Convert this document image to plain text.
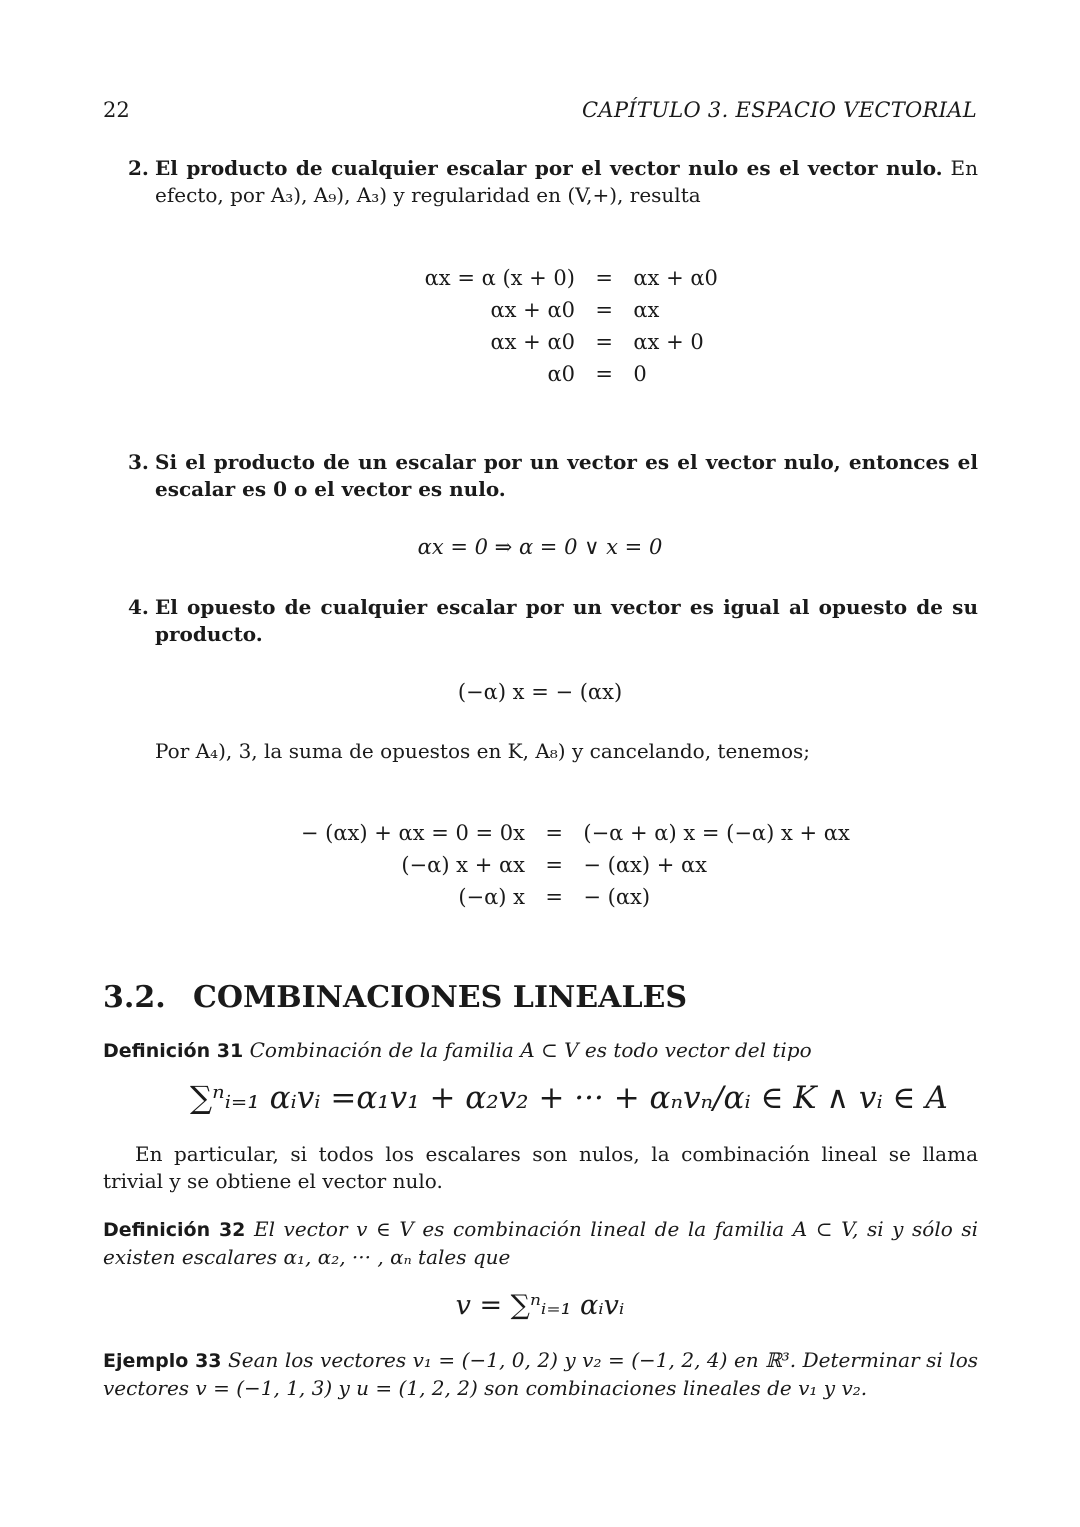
22	CAPÍTULO 3. ESPACIO VECTORIAL
2. El producto de cualquier escalar por el vector nulo es el vector nulo. En efecto, por A₃), A₉), A₃) y regularidad en (V,+), resulta
αx = α (x + 0) = αx + α0
αx + α0 = αx
αx + α0 = αx + 0
α0 = 0
3. Si el producto de un escalar por un vector es el vector nulo, entonces el escalar es 0 o el vector es nulo.
αx = 0 ⇒ α = 0 ∨ x = 0
4. El opuesto de cualquier escalar por un vector es igual al opuesto de su producto.
(−α) x = − (αx)
Por A₄), 3, la suma de opuestos en K, A₈) y cancelando, tenemos;
− (αx) + αx = 0 = 0x = (−α + α) x = (−α) x + αx
(−α) x + αx = − (αx) + αx
(−α) x = − (αx)
3.2. COMBINACIONES LINEALES
Definición 31 Combinación de la familia A ⊂ V es todo vector del tipo
∑ⁿᵢ₌₁ αᵢvᵢ =α₁v₁ + α₂v₂ + ··· + αₙvₙ/αᵢ ∈ K ∧ vᵢ ∈ A
En particular, si todos los escalares son nulos, la combinación lineal se llama trivial y se obtiene el vector nulo.
Definición 32 El vector v ∈ V es combinación lineal de la familia A ⊂ V, si y sólo si existen escalares α₁, α₂, ··· , αₙ tales que
v = ∑ⁿᵢ₌₁ αᵢvᵢ
Ejemplo 33 Sean los vectores v₁ = (−1, 0, 2) y v₂ = (−1, 2, 4) en ℝ³. Determinar si los vectores v = (−1, 1, 3) y u = (1, 2, 2) son combinaciones lineales de v₁ y v₂.
